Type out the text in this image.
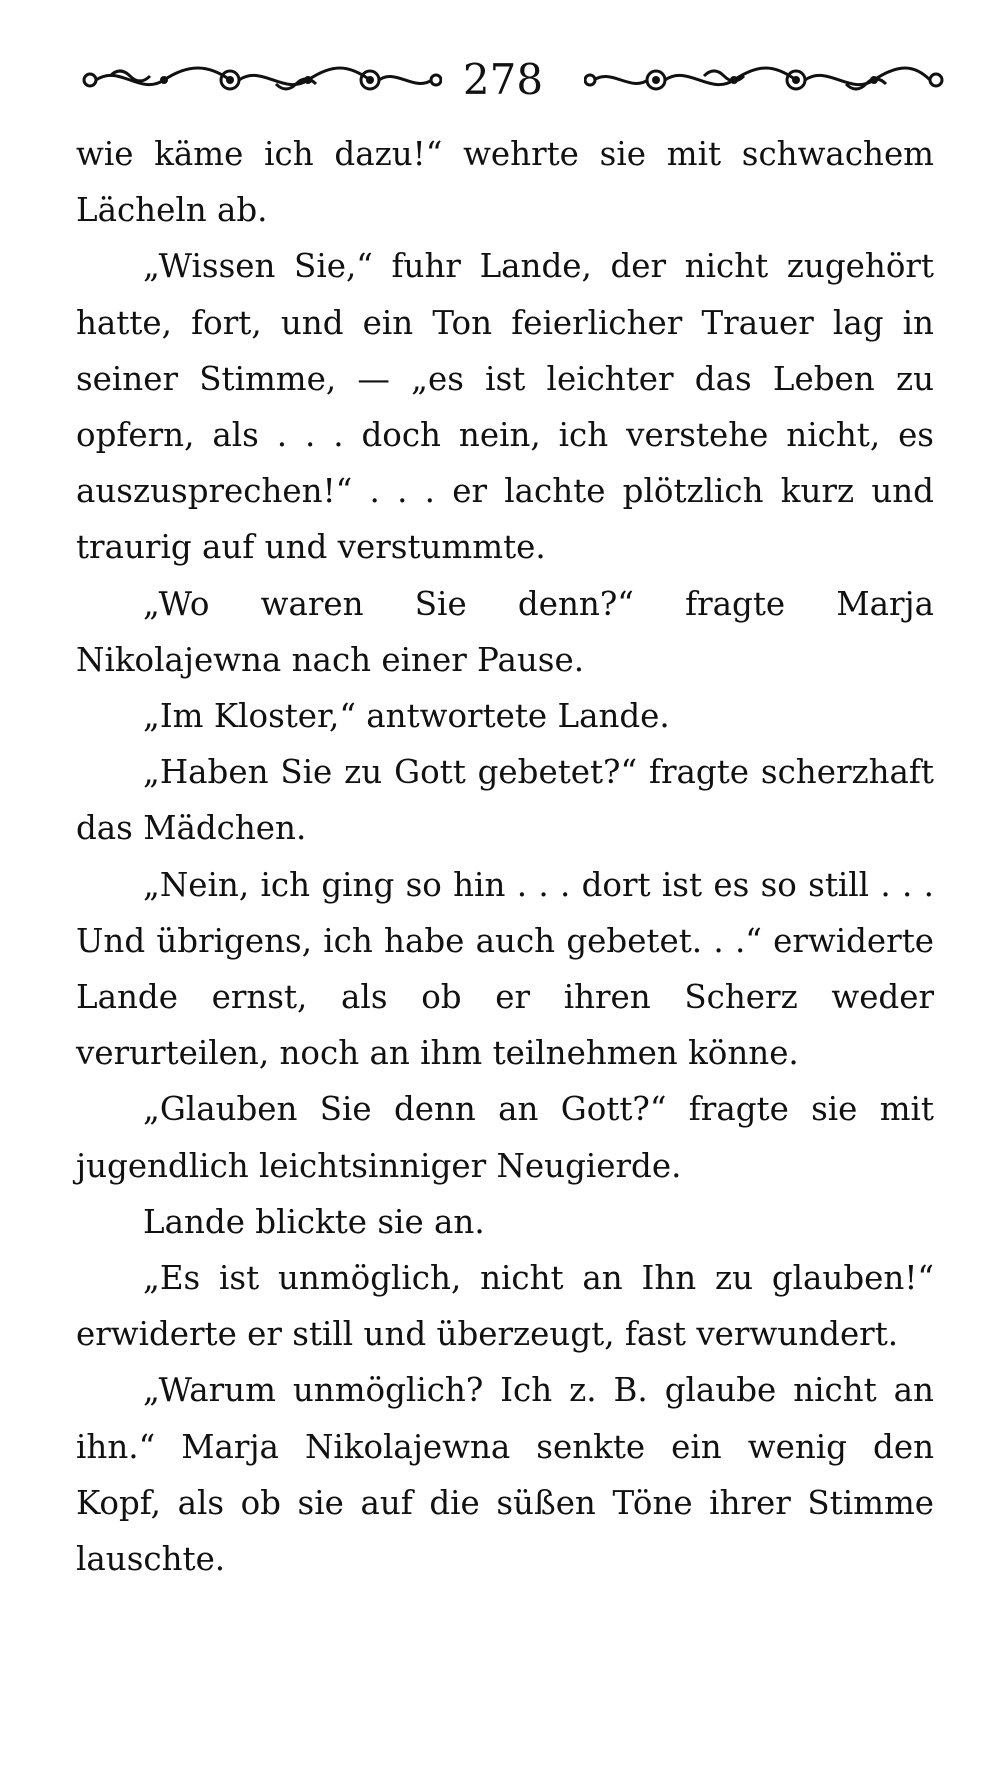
278

wie käme ich dazu!“ wehrte sie mit schwachem Lächeln ab.

„Wissen Sie,“ fuhr Lande, der nicht zugehört hatte, fort, und ein Ton feierlicher Trauer lag in seiner Stimme, — „es ist leichter das Leben zu opfern, als . . . doch nein, ich verstehe nicht, es auszusprechen!“ . . . er lachte plötzlich kurz und traurig auf und verstummte.

„Wo waren Sie denn?“ fragte Marja Nikolajewna nach einer Pause.

„Im Kloster,“ antwortete Lande.

„Haben Sie zu Gott gebetet?“ fragte scherzhaft das Mädchen.

„Nein, ich ging so hin . . . dort ist es so still . . . Und übrigens, ich habe auch gebetet. . .“ erwiderte Lande ernst, als ob er ihren Scherz weder verurteilen, noch an ihm teilnehmen könne.

„Glauben Sie denn an Gott?“ fragte sie mit jugendlich leichtsinniger Neugierde.

Lande blickte sie an.

„Es ist unmöglich, nicht an Ihn zu glauben!“ erwiderte er still und überzeugt, fast verwundert.

„Warum unmöglich? Ich z. B. glaube nicht an ihn.“ Marja Nikolajewna senkte ein wenig den Kopf, als ob sie auf die süßen Töne ihrer Stimme lauschte.
